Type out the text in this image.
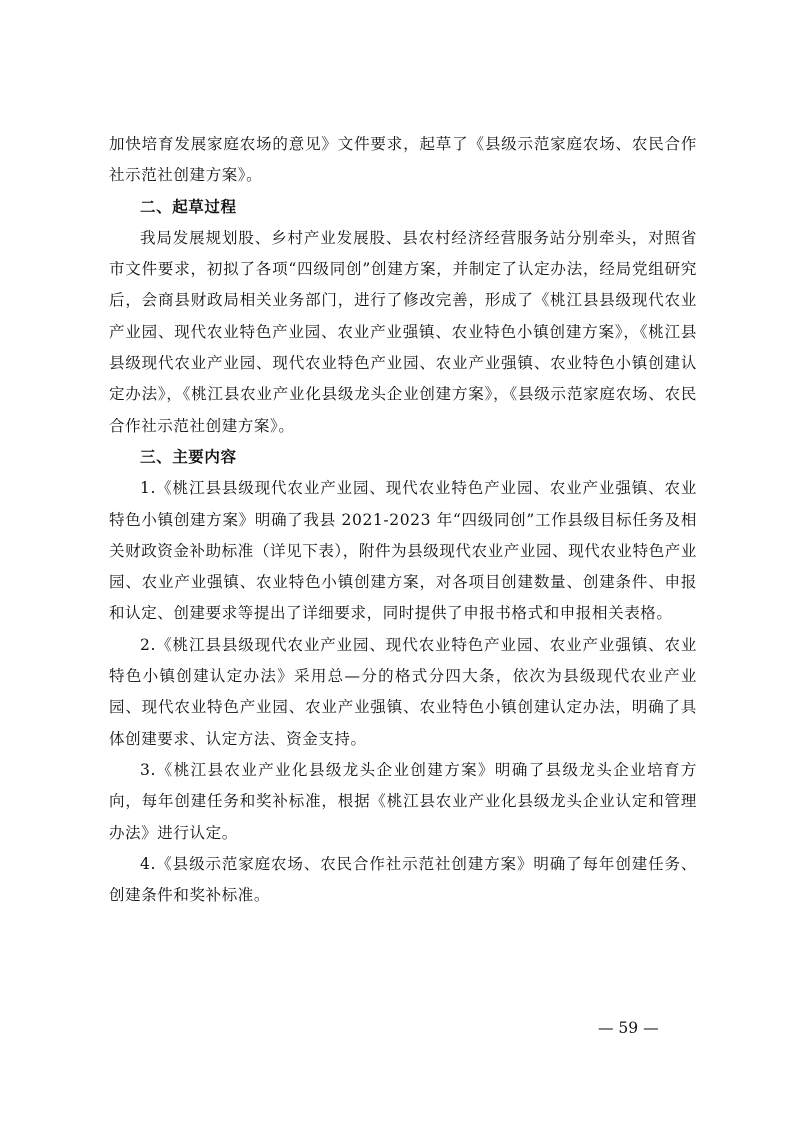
加快培育发展家庭农场的意见》文件要求，起草了《县级示范家庭农场、农民合作社示范社创建方案》。

二、起草过程

我局发展规划股、乡村产业发展股、县农村经济经营服务站分别牵头，对照省市文件要求，初拟了各项“四级同创”创建方案，并制定了认定办法，经局党组研究后，会商县财政局相关业务部门，进行了修改完善，形成了《桃江县县级现代农业产业园、现代农业特色产业园、农业产业强镇、农业特色小镇创建方案》，《桃江县县级现代农业产业园、现代农业特色产业园、农业产业强镇、农业特色小镇创建认定办法》，《桃江县农业产业化县级龙头企业创建方案》，《县级示范家庭农场、农民合作社示范社创建方案》。

三、主要内容

1.《桃江县县级现代农业产业园、现代农业特色产业园、农业产业强镇、农业特色小镇创建方案》明确了我县 2021-2023 年“四级同创”工作县级目标任务及相关财政资金补助标准（详见下表），附件为县级现代农业产业园、现代农业特色产业园、农业产业强镇、农业特色小镇创建方案，对各项目创建数量、创建条件、申报和认定、创建要求等提出了详细要求，同时提供了申报书格式和申报相关表格。

2.《桃江县县级现代农业产业园、现代农业特色产业园、农业产业强镇、农业特色小镇创建认定办法》采用总—分的格式分四大条，依次为县级现代农业产业园、现代农业特色产业园、农业产业强镇、农业特色小镇创建认定办法，明确了具体创建要求、认定方法、资金支持。

3.《桃江县农业产业化县级龙头企业创建方案》明确了县级龙头企业培育方向，每年创建任务和奖补标准，根据《桃江县农业产业化县级龙头企业认定和管理办法》进行认定。

4.《县级示范家庭农场、农民合作社示范社创建方案》明确了每年创建任务、创建条件和奖补标准。

— 59 —
